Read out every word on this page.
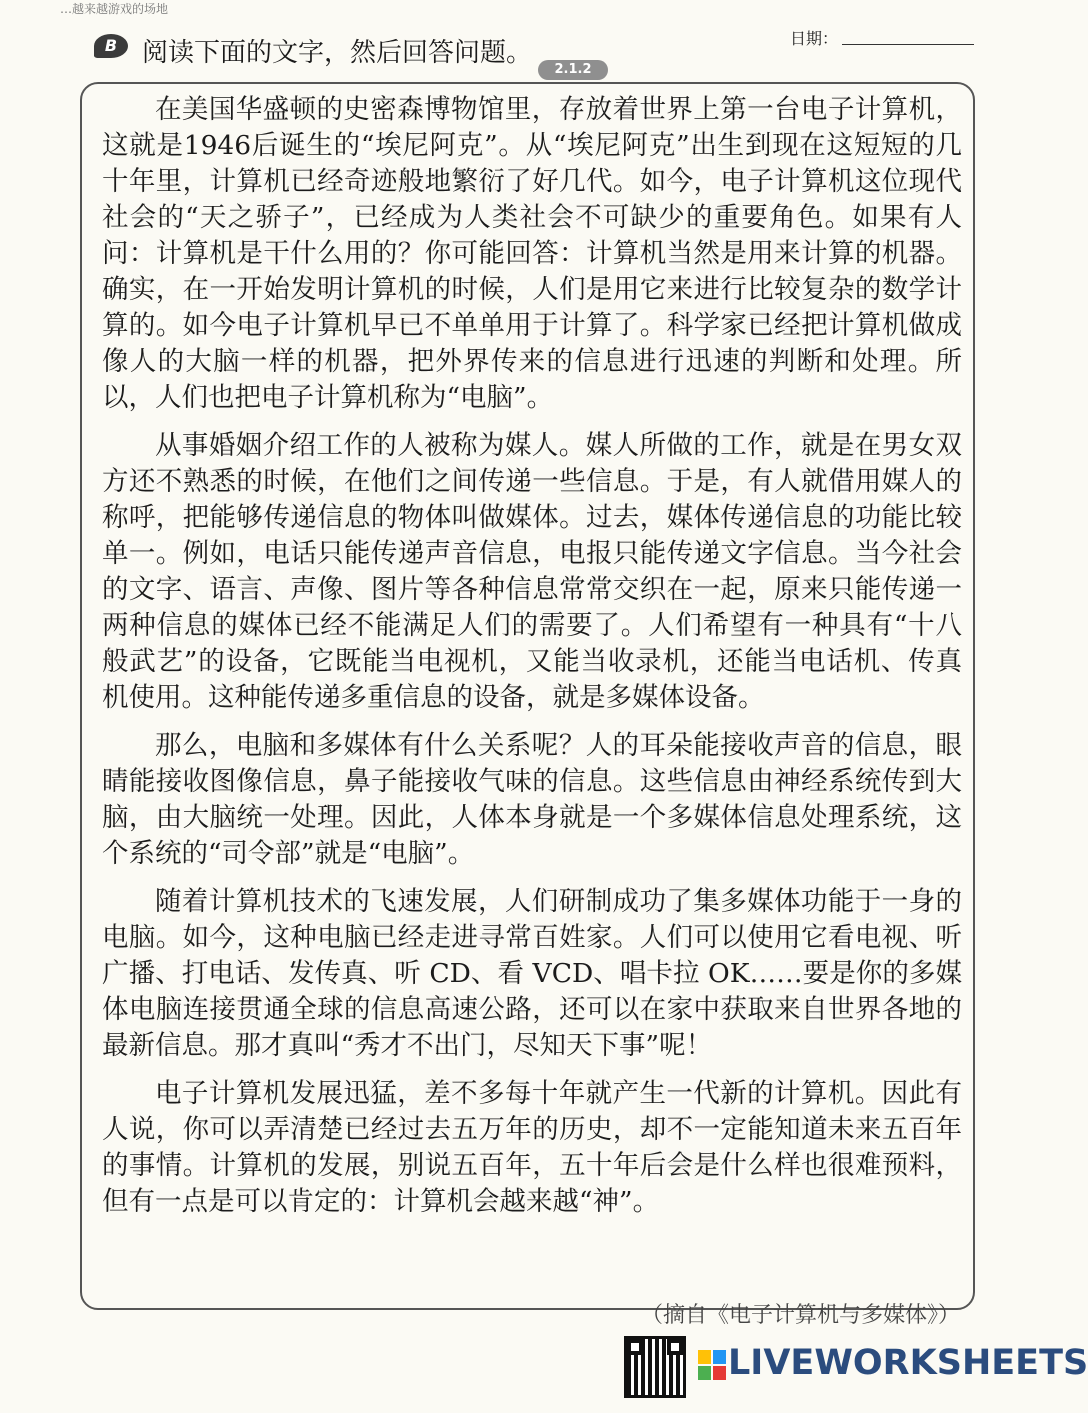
…越来越游戏的场地
B 阅读下面的文字，然后回答问题。
2.1.2
日期：

在美国华盛顿的史密森博物馆里，存放着世界上第一台电子计算机，这就是1946后诞生的“埃尼阿克”。从“埃尼阿克”出生到现在这短短的几十年里，计算机已经奇迹般地繁衍了好几代。如今，电子计算机这位现代社会的“天之骄子”，已经成为人类社会不可缺少的重要角色。如果有人问：计算机是干什么用的？你可能回答：计算机当然是用来计算的机器。确实，在一开始发明计算机的时候，人们是用它来进行比较复杂的数学计算的。如今电子计算机早已不单单用于计算了。科学家已经把计算机做成像人的大脑一样的机器，把外界传来的信息进行迅速的判断和处理。所以，人们也把电子计算机称为“电脑”。

从事婚姻介绍工作的人被称为媒人。媒人所做的工作，就是在男女双方还不熟悉的时候，在他们之间传递一些信息。于是，有人就借用媒人的称呼，把能够传递信息的物体叫做媒体。过去，媒体传递信息的功能比较单一。例如，电话只能传递声音信息，电报只能传递文字信息。当今社会的文字、语言、声像、图片等各种信息常常交织在一起，原来只能传递一两种信息的媒体已经不能满足人们的需要了。人们希望有一种具有“十八般武艺”的设备，它既能当电视机，又能当收录机，还能当电话机、传真机使用。这种能传递多重信息的设备，就是多媒体设备。

那么，电脑和多媒体有什么关系呢？人的耳朵能接收声音的信息，眼睛能接收图像信息，鼻子能接收气味的信息。这些信息由神经系统传到大脑，由大脑统一处理。因此，人体本身就是一个多媒体信息处理系统，这个系统的“司令部”就是“电脑”。

随着计算机技术的飞速发展，人们研制成功了集多媒体功能于一身的电脑。如今，这种电脑已经走进寻常百姓家。人们可以使用它看电视、听广播、打电话、发传真、听 CD、看 VCD、唱卡拉 OK……要是你的多媒体电脑连接贯通全球的信息高速公路，还可以在家中获取来自世界各地的最新信息。那才真叫“秀才不出门，尽知天下事”呢！

电子计算机发展迅猛，差不多每十年就产生一代新的计算机。因此有人说，你可以弄清楚已经过去五万年的历史，却不一定能知道未来五百年的事情。计算机的发展，别说五百年，五十年后会是什么样也很难预料，但有一点是可以肯定的：计算机会越来越“神”。

（摘自《电子计算机与多媒体》）
LIVEWORKSHEETS
